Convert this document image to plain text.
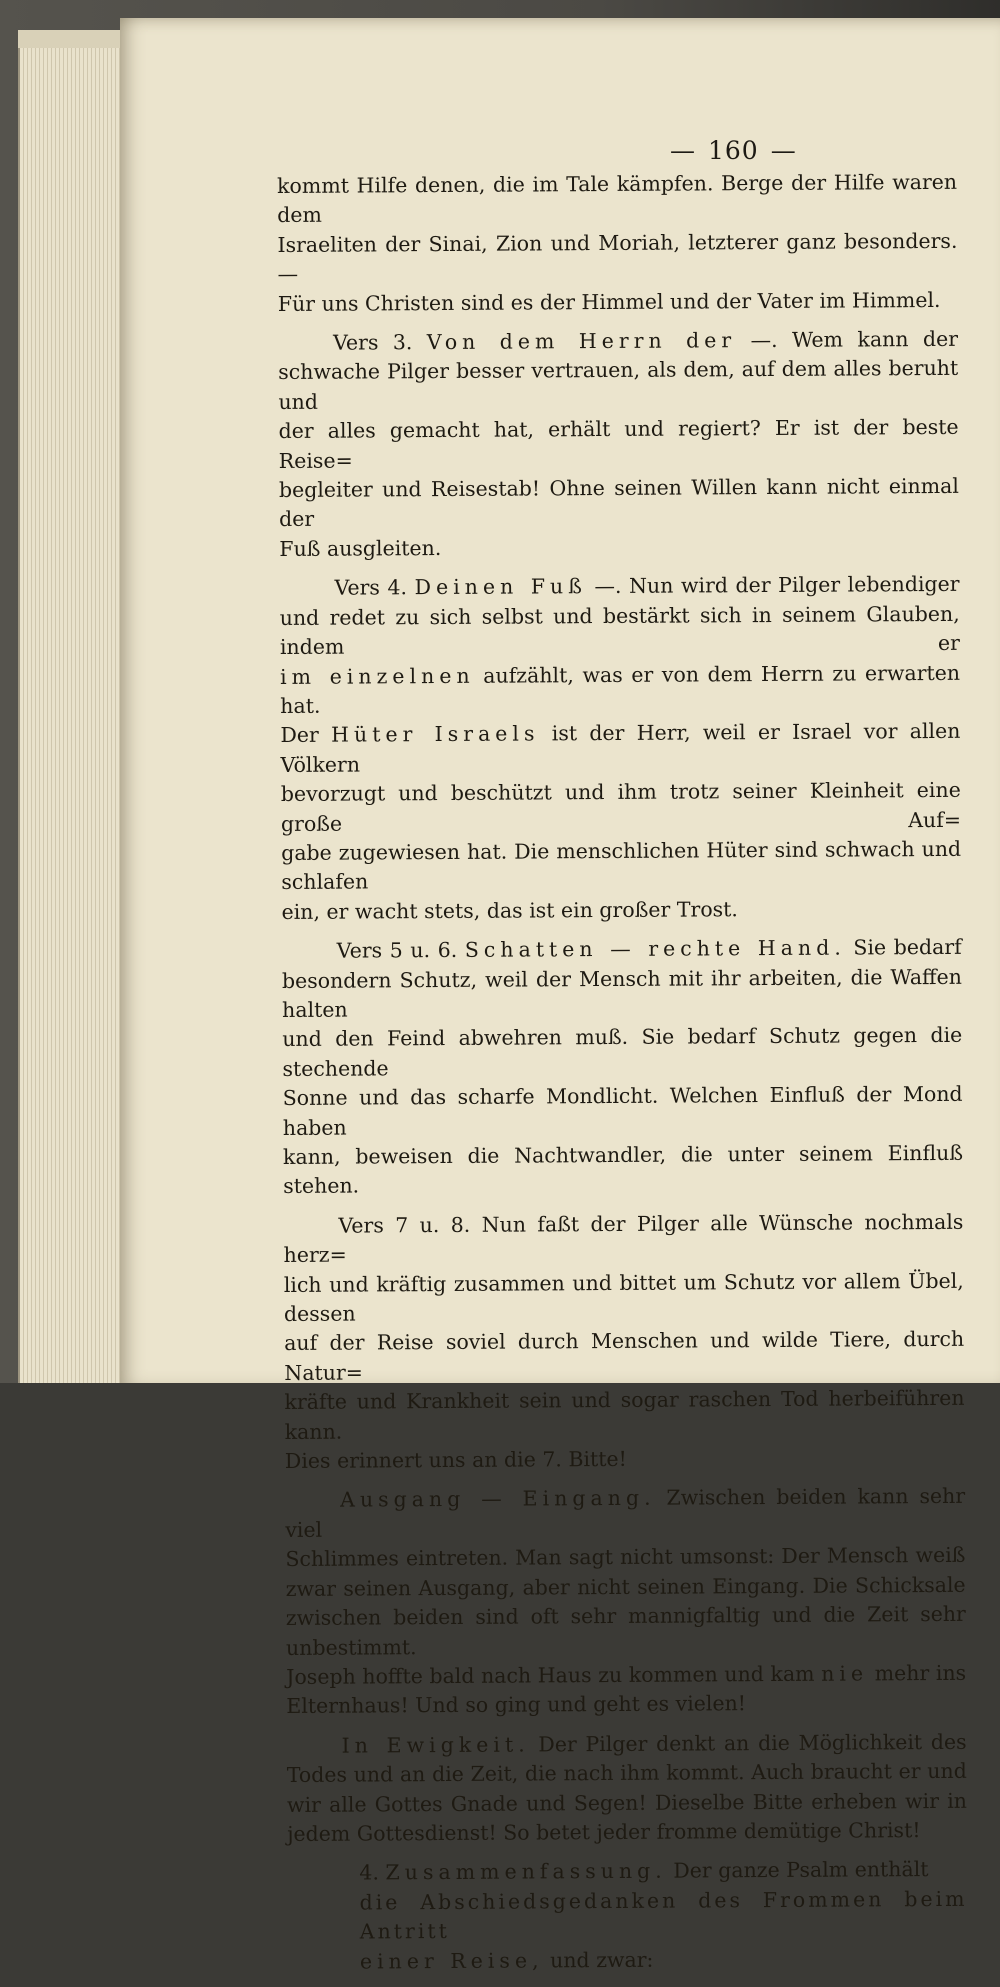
— 160 —

kommt Hilfe denen, die im Tale kämpfen. Berge der Hilfe waren dem
Israeliten der Sinai, Zion und Moriah, letzterer ganz besonders. —
Für uns Christen sind es der Himmel und der Vater im Himmel.

Vers 3. Von dem Herrn der —. Wem kann der
schwache Pilger besser vertrauen, als dem, auf dem alles beruht und
der alles gemacht hat, erhält und regiert? Er ist der beste Reise=
begleiter und Reisestab! Ohne seinen Willen kann nicht einmal der
Fuß ausgleiten.

Vers 4. Deinen Fuß —. Nun wird der Pilger lebendiger
und redet zu sich selbst und bestärkt sich in seinem Glauben, indem er
im einzelnen aufzählt, was er von dem Herrn zu erwarten hat.
Der Hüter Israels ist der Herr, weil er Israel vor allen Völkern
bevorzugt und beschützt und ihm trotz seiner Kleinheit eine große Auf=
gabe zugewiesen hat. Die menschlichen Hüter sind schwach und schlafen
ein, er wacht stets, das ist ein großer Trost.

Vers 5 u. 6. Schatten — rechte Hand. Sie bedarf
besondern Schutz, weil der Mensch mit ihr arbeiten, die Waffen halten
und den Feind abwehren muß. Sie bedarf Schutz gegen die stechende
Sonne und das scharfe Mondlicht. Welchen Einfluß der Mond haben
kann, beweisen die Nachtwandler, die unter seinem Einfluß stehen.

Vers 7 u. 8. Nun faßt der Pilger alle Wünsche nochmals herz=
lich und kräftig zusammen und bittet um Schutz vor allem Übel, dessen
auf der Reise soviel durch Menschen und wilde Tiere, durch Natur=
kräfte und Krankheit sein und sogar raschen Tod herbeiführen kann.
Dies erinnert uns an die 7. Bitte!

Ausgang — Eingang. Zwischen beiden kann sehr viel
Schlimmes eintreten. Man sagt nicht umsonst: Der Mensch weiß
zwar seinen Ausgang, aber nicht seinen Eingang. Die Schicksale
zwischen beiden sind oft sehr mannigfaltig und die Zeit sehr unbestimmt.
Joseph hoffte bald nach Haus zu kommen und kam nie mehr ins
Elternhaus! Und so ging und geht es vielen!

In Ewigkeit. Der Pilger denkt an die Möglichkeit des
Todes und an die Zeit, die nach ihm kommt. Auch braucht er und
wir alle Gottes Gnade und Segen! Dieselbe Bitte erheben wir in
jedem Gottesdienst! So betet jeder fromme demütige Christ!

4. Zusammenfassung. Der ganze Psalm enthält
die Abschiedsgedanken des Frommen beim Antritt
einer Reise, und zwar:
